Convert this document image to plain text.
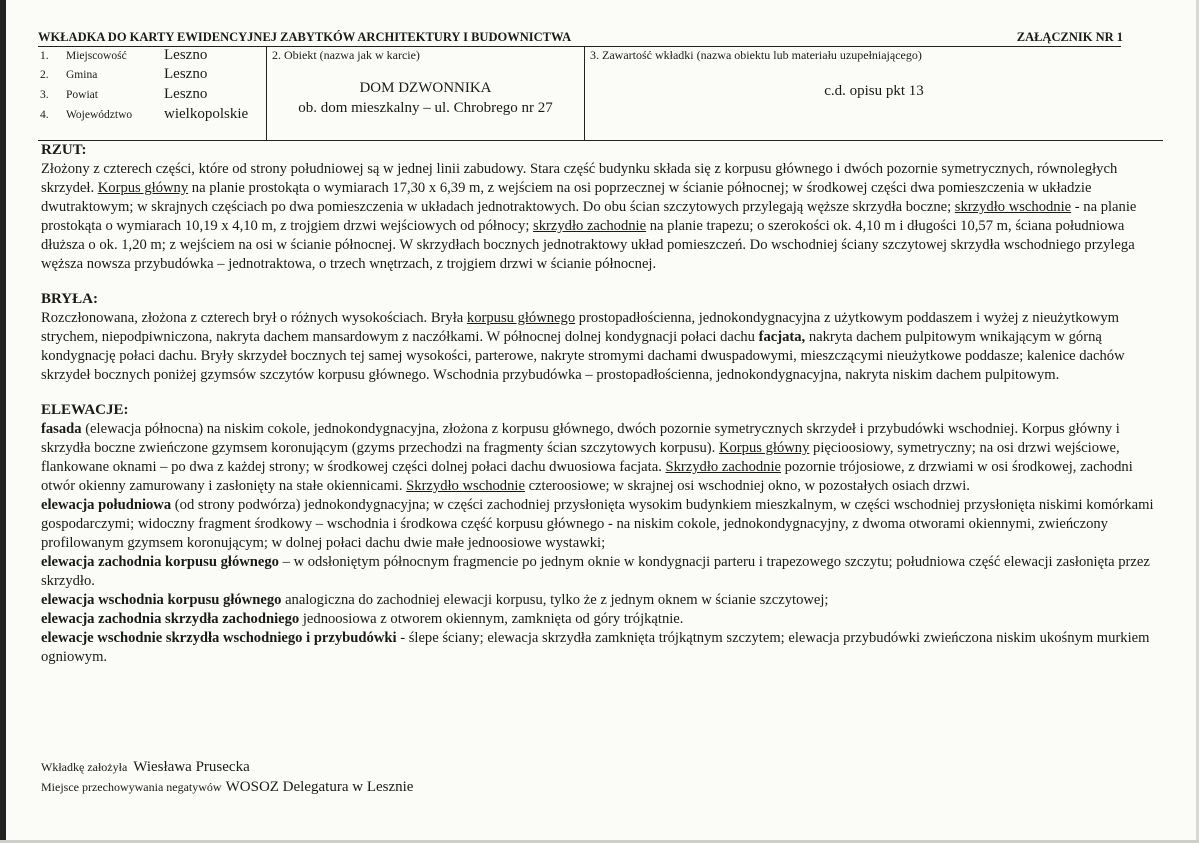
WKŁADKA DO KARTY EWIDENCYJNEJ ZABYTKÓW ARCHITEKTURY I BUDOWNICTWA	ZAŁĄCZNIK NR 1
1. Miejscowość Leszno
2. Gmina	Leszno
3. Powiat	Leszno
4. Województwo wielkopolskie
2. Obiekt (nazwa jak w karcie)
DOM DZWONNIKA
ob. dom mieszkalny – ul. Chrobrego nr 27
3. Zawartość wkładki (nazwa obiektu lub materiału uzupełniającego)
c.d. opisu pkt 13

RZUT:

Złożony z czterech części, które od strony południowej są w jednej linii zabudowy. Stara część budynku składa się z korpusu głównego i dwóch pozornie symetrycznych, równoległych skrzydeł. Korpus główny na planie prostokąta o wymiarach 17,30 x 6,39 m, z wejściem na osi poprzecznej w ścianie północnej; w środkowej części dwa pomieszczenia w układzie dwutraktowym; w skrajnych częściach po dwa pomieszczenia w układach jednotraktowych. Do obu ścian szczytowych przylegają węższe skrzydła boczne; skrzydło wschodnie - na planie prostokąta o wymiarach 10,19 x 4,10 m, z trojgiem drzwi wejściowych od północy; skrzydło zachodnie na planie trapezu; o szerokości ok. 4,10 m i długości 10,57 m, ściana południowa dłuższa o ok. 1,20 m; z wejściem na osi w ścianie północnej. W skrzydłach bocznych jednotraktowy układ pomieszczeń. Do wschodniej ściany szczytowej skrzydła wschodniego przylega węższa nowsza przybudówka – jednotraktowa, o trzech wnętrzach, z trojgiem drzwi w ścianie północnej.

BRYŁA:

Rozczłonowana, złożona z czterech brył o różnych wysokościach. Bryła korpusu głównego prostopadłościenna, jednokondygnacyjna z użytkowym poddaszem i wyżej z nieużytkowym strychem, niepodpiwniczona, nakryta dachem mansardowym z naczółkami. W północnej dolnej kondygnacji połaci dachu facjata, nakryta dachem pulpitowym wnikającym w górną kondygnację połaci dachu. Bryły skrzydeł bocznych tej samej wysokości, parterowe, nakryte stromymi dachami dwuspadowymi, mieszczącymi nieużytkowe poddasze; kalenice dachów skrzydeł bocznych poniżej gzymsów szczytów korpusu głównego. Wschodnia przybudówka – prostopadłościenna, jednokondygnacyjna, nakryta niskim dachem pulpitowym.

ELEWACJE:

fasada (elewacja północna) na niskim cokole, jednokondygnacyjna, złożona z korpusu głównego, dwóch pozornie symetrycznych skrzydeł i przybudówki wschodniej. Korpus główny i skrzydła boczne zwieńczone gzymsem koronującym (gzyms przechodzi na fragmenty ścian szczytowych korpusu). Korpus główny pięcioosiowy, symetryczny; na osi drzwi wejściowe, flankowane oknami – po dwa z każdej strony; w środkowej części dolnej połaci dachu dwuosiowa facjata. Skrzydło zachodnie pozornie trójosiowe, z drzwiami w osi środkowej, zachodni otwór okienny zamurowany i zasłonięty na stałe okiennicami. Skrzydło wschodnie czteroosiowe; w skrajnej osi wschodniej okno, w pozostałych osiach drzwi.

elewacja południowa (od strony podwórza) jednokondygnacyjna; w części zachodniej przysłonięta wysokim budynkiem mieszkalnym, w części wschodniej przysłonięta niskimi komórkami gospodarczymi; widoczny fragment środkowy – wschodnia i środkowa część korpusu głównego - na niskim cokole, jednokondygnacyjny, z dwoma otworami okiennymi, zwieńczony profilowanym gzymsem koronującym; w dolnej połaci dachu dwie małe jednoosiowe wystawki;

elewacja zachodnia korpusu głównego – w odsłoniętym północnym fragmencie po jednym oknie w kondygnacji parteru i trapezowego szczytu; południowa część elewacji zasłonięta przez skrzydło.

elewacja wschodnia korpusu głównego analogiczna do zachodniej elewacji korpusu, tylko że z jednym oknem w ścianie szczytowej;

elewacja zachodnia skrzydła zachodniego jednoosiowa z otworem okiennym, zamknięta od góry trójkątnie.

elewacje wschodnie skrzydła wschodniego i przybudówki - ślepe ściany; elewacja skrzydła zamknięta trójkątnym szczytem; elewacja przybudówki zwieńczona niskim ukośnym murkiem ogniowym.

Wkładkę założyła Wiesława Prusecka
Miejsce przechowywania negatywów WOSOZ Delegatura w Lesznie
